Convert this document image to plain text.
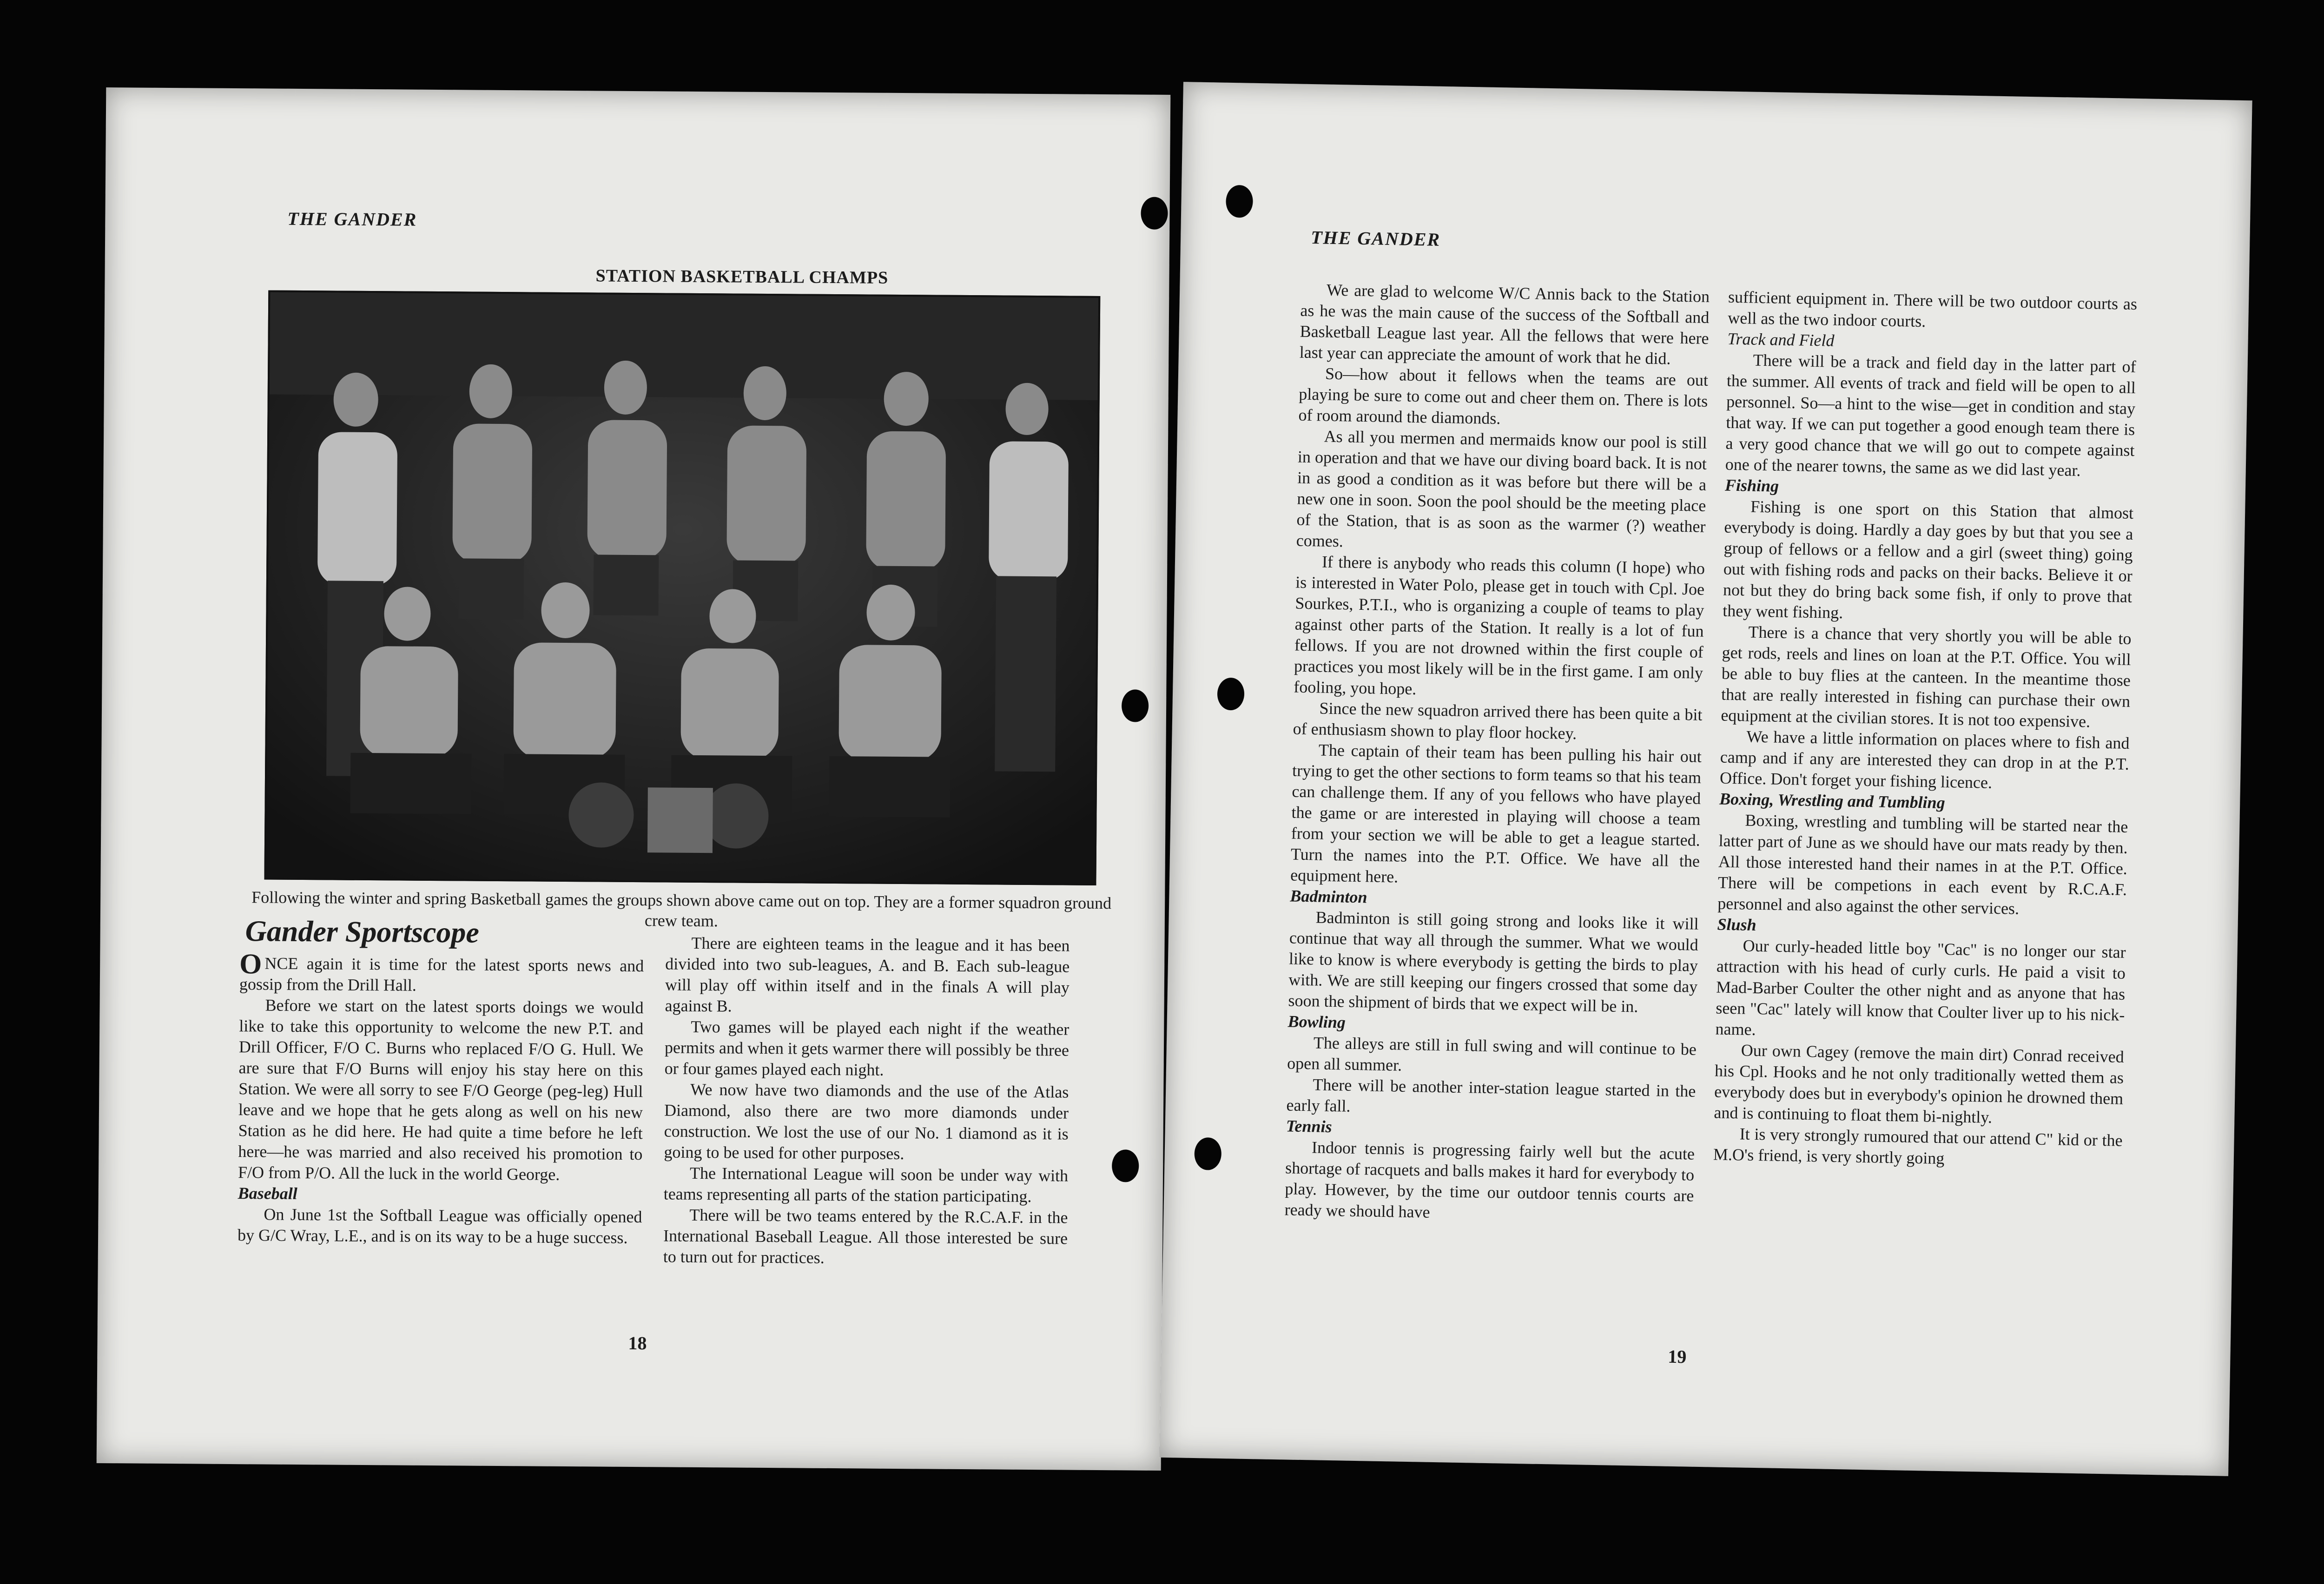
THE GANDER
STATION BASKETBALL CHAMPS
Following the winter and spring Basketball games the groups shown above came out on top. They are a former squadron ground crew team.
Gander Sportscope

ONCE again it is time for the latest sports news and gossip from the Drill Hall.

Before we start on the latest sports doings we would like to take this opportunity to welcome the new P.T. and Drill Officer, F/O C. Burns who replaced F/O G. Hull. We are sure that F/O Burns will enjoy his stay here on this Station. We were all sorry to see F/O George (peg-leg) Hull leave and we hope that he gets along as well on his new Station as he did here. He had quite a time before he left here—he was married and also received his promotion to F/O from P/O. All the luck in the world George.

Baseball

On June 1st the Softball League was officially opened by G/C Wray, L.E., and is on its way to be a huge success.

There are eighteen teams in the league and it has been divided into two sub-leagues, A. and B. Each sub-league will play off within itself and in the finals A will play against B.

Two games will be played each night if the weather permits and when it gets warmer there will possibly be three or four games played each night.

We now have two diamonds and the use of the Atlas Diamond, also there are two more diamonds under construction. We lost the use of our No. 1 diamond as it is going to be used for other purposes.

The International League will soon be under way with teams representing all parts of the station participating.

There will be two teams entered by the R.C.A.F. in the International Baseball League. All those interested be sure to turn out for practices.

18
THE GANDER

We are glad to welcome W/C Annis back to the Station as he was the main cause of the success of the Softball and Basketball League last year. All the fellows that were here last year can appreciate the amount of work that he did.

So—how about it fellows when the teams are out playing be sure to come out and cheer them on. There is lots of room around the diamonds.

As all you mermen and mermaids know our pool is still in operation and that we have our diving board back. It is not in as good a condition as it was before but there will be a new one in soon. Soon the pool should be the meeting place of the Station, that is as soon as the warmer (?) weather comes.

If there is anybody who reads this column (I hope) who is interested in Water Polo, please get in touch with Cpl. Joe Sourkes, P.T.I., who is organizing a couple of teams to play against other parts of the Station. It really is a lot of fun fellows. If you are not drowned within the first couple of practices you most likely will be in the first game. I am only fooling, you hope.

Since the new squadron arrived there has been quite a bit of enthusiasm shown to play floor hockey.

The captain of their team has been pulling his hair out trying to get the other sections to form teams so that his team can challenge them. If any of you fellows who have played the game or are interested in playing will choose a team from your section we will be able to get a league started. Turn the names into the P.T. Office. We have all the equipment here.

Badminton

Badminton is still going strong and looks like it will continue that way all through the summer. What we would like to know is where everybody is getting the birds to play with. We are still keeping our fingers crossed that some day soon the shipment of birds that we expect will be in.

Bowling

The alleys are still in full swing and will continue to be open all summer.

There will be another inter-station league started in the early fall.

Tennis

Indoor tennis is progressing fairly well but the acute shortage of racquets and balls makes it hard for everybody to play. However, by the time our outdoor tennis courts are ready we should have

sufficient equipment in. There will be two outdoor courts as well as the two indoor courts.

Track and Field

There will be a track and field day in the latter part of the summer. All events of track and field will be open to all personnel. So—a hint to the wise—get in condition and stay that way. If we can put together a good enough team there is a very good chance that we will go out to compete against one of the nearer towns, the same as we did last year.

Fishing

Fishing is one sport on this Station that almost everybody is doing. Hardly a day goes by but that you see a group of fellows or a fellow and a girl (sweet thing) going out with fishing rods and packs on their backs. Believe it or not but they do bring back some fish, if only to prove that they went fishing.

There is a chance that very shortly you will be able to get rods, reels and lines on loan at the P.T. Office. You will be able to buy flies at the canteen. In the meantime those that are really interested in fishing can purchase their own equipment at the civilian stores. It is not too expensive.

We have a little information on places where to fish and camp and if any are interested they can drop in at the P.T. Office. Don't forget your fishing licence.

Boxing, Wrestling and Tumbling

Boxing, wrestling and tumbling will be started near the latter part of June as we should have our mats ready by then. All those interested hand their names in at the P.T. Office. There will be competions in each event by R.C.A.F. personnel and also against the other services.

Slush

Our curly-headed little boy "Cac" is no longer our star attraction with his head of curly curls. He paid a visit to Mad-Barber Coulter the other night and as anyone that has seen "Cac" lately will know that Coulter liver up to his nick-name.

Our own Cagey (remove the main dirt) Conrad received his Cpl. Hooks and he not only traditionally wetted them as everybody does but in everybody's opinion he drowned them and is continuing to float them bi-nightly.

It is very strongly rumoured that our attend C" kid or the M.O's friend, is very shortly going

19
